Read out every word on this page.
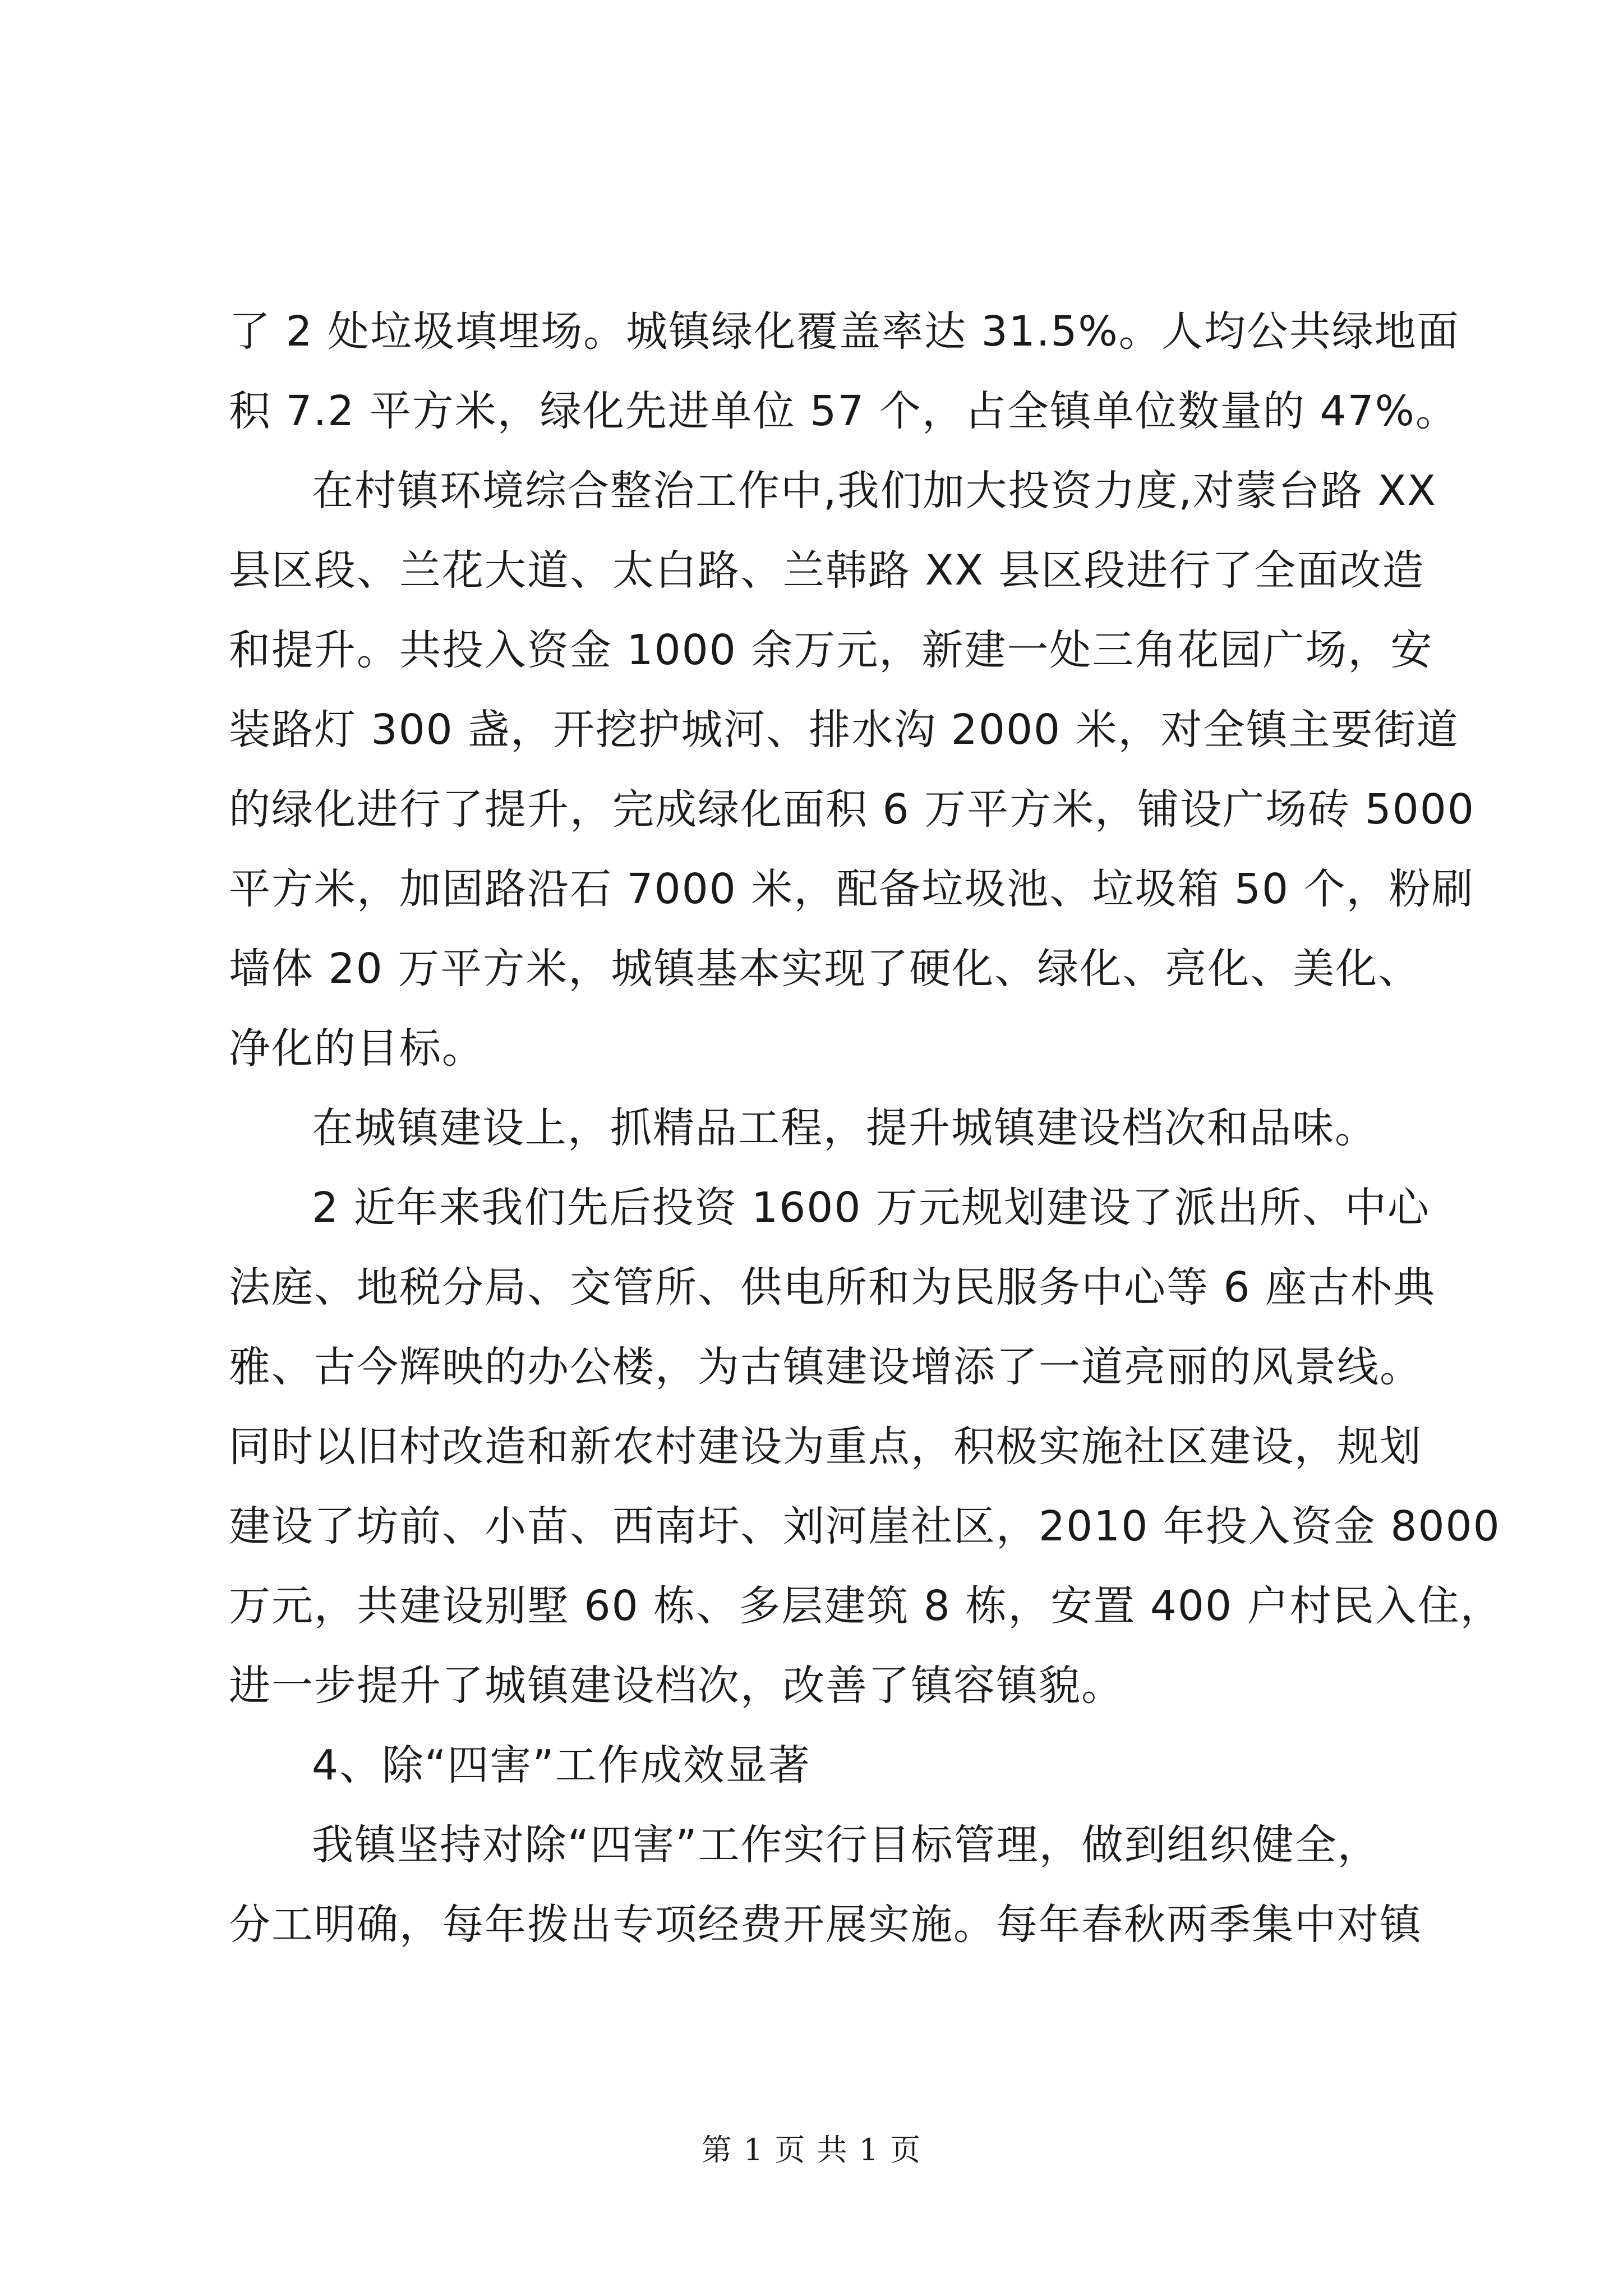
了 2 处垃圾填埋场。城镇绿化覆盖率达 31.5%。人均公共绿地面

积 7.2 平方米，绿化先进单位 57 个，占全镇单位数量的 47%。

在村镇环境综合整治工作中,我们加大投资力度,对蒙台路 XX

县区段、兰花大道、太白路、兰韩路 XX 县区段进行了全面改造

和提升。共投入资金 1000 余万元，新建一处三角花园广场，安

装路灯 300 盏，开挖护城河、排水沟 2000 米，对全镇主要街道

的绿化进行了提升，完成绿化面积 6 万平方米，铺设广场砖 5000

平方米，加固路沿石 7000 米，配备垃圾池、垃圾箱 50 个，粉刷

墙体 20 万平方米，城镇基本实现了硬化、绿化、亮化、美化、

净化的目标。

在城镇建设上，抓精品工程，提升城镇建设档次和品味。

2 近年来我们先后投资 1600 万元规划建设了派出所、中心

法庭、地税分局、交管所、供电所和为民服务中心等 6 座古朴典

雅、古今辉映的办公楼，为古镇建设增添了一道亮丽的风景线。

同时以旧村改造和新农村建设为重点，积极实施社区建设，规划

建设了坊前、小苗、西南圩、刘河崖社区，2010 年投入资金 8000

万元，共建设别墅 60 栋、多层建筑 8 栋，安置 400 户村民入住，

进一步提升了城镇建设档次，改善了镇容镇貌。

4、除“四害”工作成效显著

我镇坚持对除“四害”工作实行目标管理，做到组织健全，

分工明确，每年拨出专项经费开展实施。每年春秋两季集中对镇

第 1 页 共 1 页
